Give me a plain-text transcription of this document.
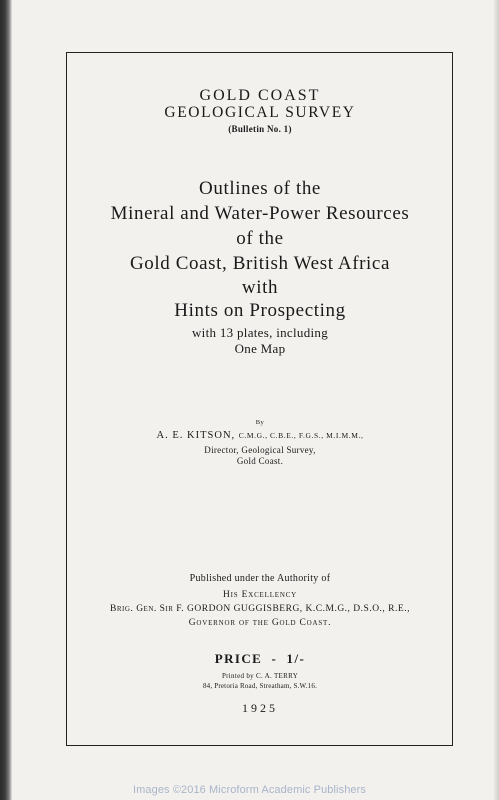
GOLD COAST
GEOLOGICAL SURVEY
(Bulletin No. 1)
Outlines of the
Mineral and Water-Power Resources
of the
Gold Coast, British West Africa
with
Hints on Prospecting
with 13 plates, including
One Map
By
A. E. KITSON, C.M.G., C.B.E., F.G.S., M.I.M.M.,
Director, Geological Survey,
Gold Coast.
Published under the Authority of
His Excellency
Brig. Gen. Sir F. GORDON GUGGISBERG, K.C.M.G., D.S.O., R.E.,
Governor of the Gold Coast.
PRICE  -  1/-
Printed by C. A. TERRY
84, Pretoria Road, Streatham, S.W.16.
1925
Images ©2016 Microform Academic Publishers
